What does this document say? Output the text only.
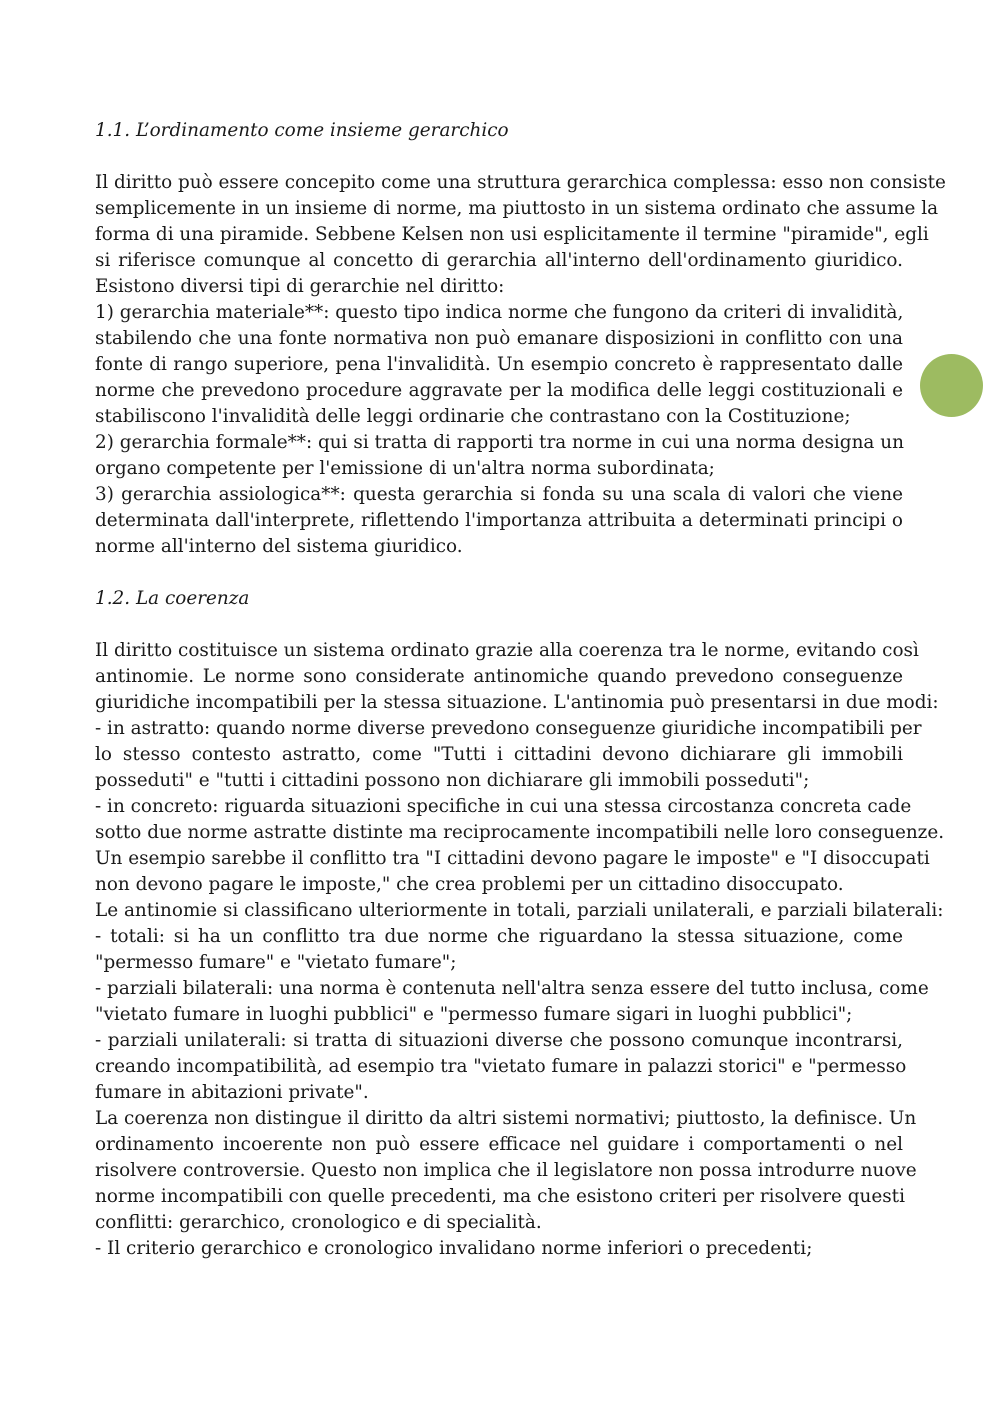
1.1. L’ordinamento come insieme gerarchico
Il diritto può essere concepito come una struttura gerarchica complessa: esso non consiste
semplicemente in un insieme di norme, ma piuttosto in un sistema ordinato che assume la
forma di una piramide. Sebbene Kelsen non usi esplicitamente il termine "piramide", egli
si riferisce comunque al concetto di gerarchia all'interno dell'ordinamento giuridico.
Esistono diversi tipi di gerarchie nel diritto:
1) gerarchia materiale**: questo tipo indica norme che fungono da criteri di invalidità,
stabilendo che una fonte normativa non può emanare disposizioni in conflitto con una
fonte di rango superiore, pena l'invalidità. Un esempio concreto è rappresentato dalle
norme che prevedono procedure aggravate per la modifica delle leggi costituzionali e
stabiliscono l'invalidità delle leggi ordinarie che contrastano con la Costituzione;
2) gerarchia formale**: qui si tratta di rapporti tra norme in cui una norma designa un
organo competente per l'emissione di un'altra norma subordinata;
3) gerarchia assiologica**: questa gerarchia si fonda su una scala di valori che viene
determinata dall'interprete, riflettendo l'importanza attribuita a determinati principi o
norme all'interno del sistema giuridico.
1.2. La coerenza
Il diritto costituisce un sistema ordinato grazie alla coerenza tra le norme, evitando così
antinomie. Le norme sono considerate antinomiche quando prevedono conseguenze
giuridiche incompatibili per la stessa situazione. L'antinomia può presentarsi in due modi:
- in astratto: quando norme diverse prevedono conseguenze giuridiche incompatibili per
lo stesso contesto astratto, come "Tutti i cittadini devono dichiarare gli immobili
posseduti" e "tutti i cittadini possono non dichiarare gli immobili posseduti";
- in concreto: riguarda situazioni specifiche in cui una stessa circostanza concreta cade
sotto due norme astratte distinte ma reciprocamente incompatibili nelle loro conseguenze.
Un esempio sarebbe il conflitto tra "I cittadini devono pagare le imposte" e "I disoccupati
non devono pagare le imposte," che crea problemi per un cittadino disoccupato.
Le antinomie si classificano ulteriormente in totali, parziali unilaterali, e parziali bilaterali:
- totali: si ha un conflitto tra due norme che riguardano la stessa situazione, come
"permesso fumare" e "vietato fumare";
- parziali bilaterali: una norma è contenuta nell'altra senza essere del tutto inclusa, come
"vietato fumare in luoghi pubblici" e "permesso fumare sigari in luoghi pubblici";
- parziali unilaterali: si tratta di situazioni diverse che possono comunque incontrarsi,
creando incompatibilità, ad esempio tra "vietato fumare in palazzi storici" e "permesso
fumare in abitazioni private".
La coerenza non distingue il diritto da altri sistemi normativi; piuttosto, la definisce. Un
ordinamento incoerente non può essere efficace nel guidare i comportamenti o nel
risolvere controversie. Questo non implica che il legislatore non possa introdurre nuove
norme incompatibili con quelle precedenti, ma che esistono criteri per risolvere questi
conflitti: gerarchico, cronologico e di specialità.
- Il criterio gerarchico e cronologico invalidano norme inferiori o precedenti;
